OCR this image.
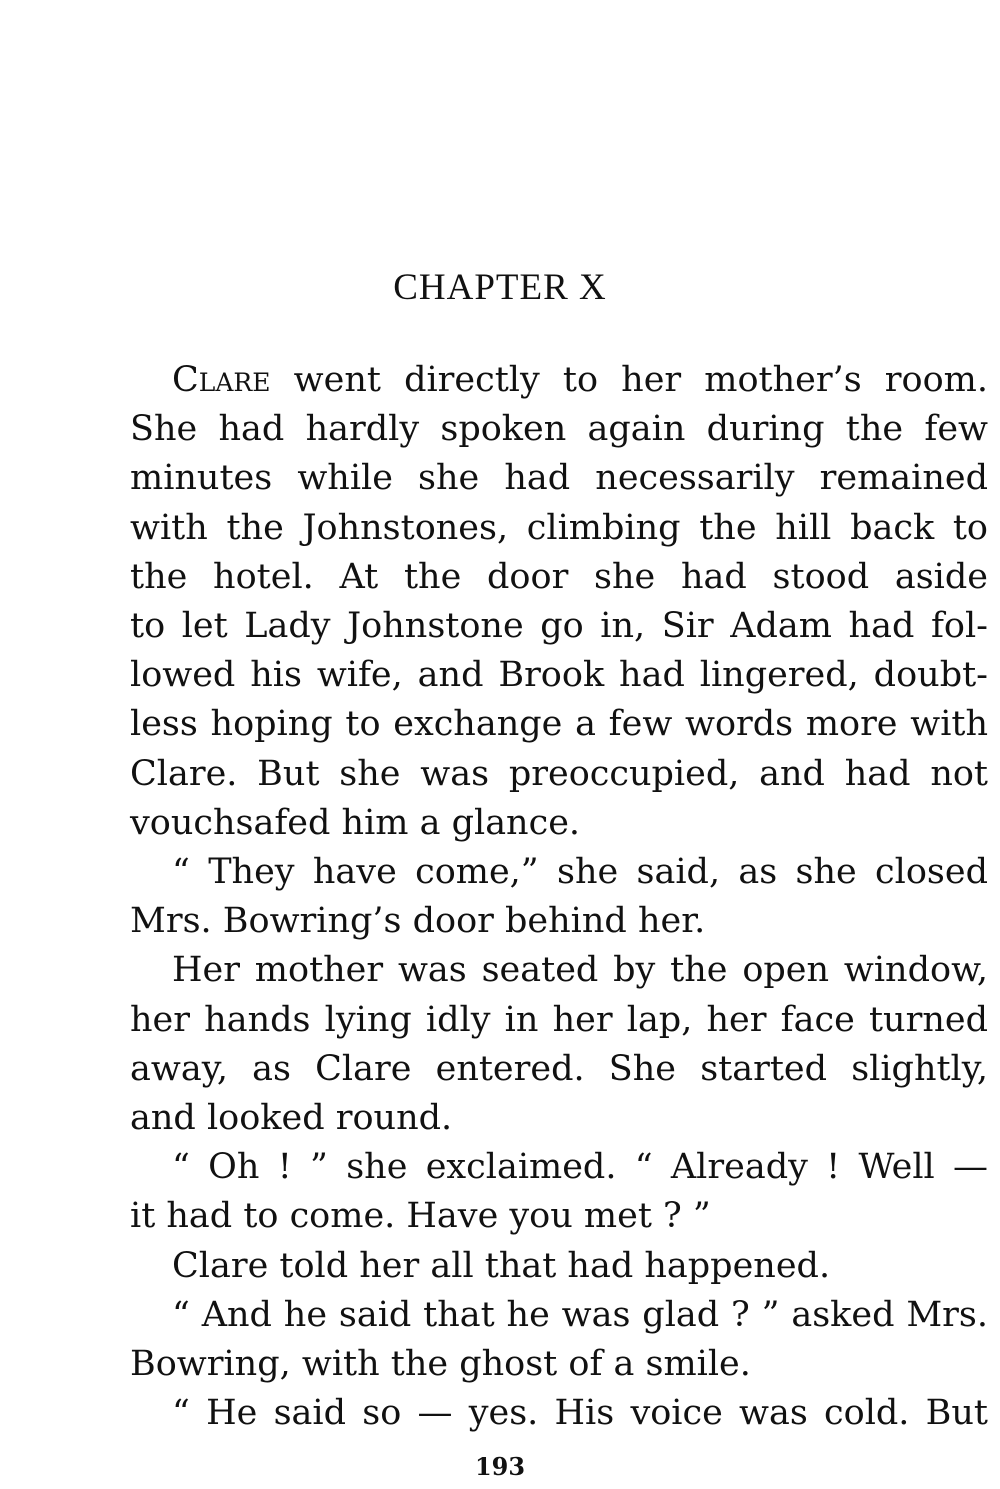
CHAPTER X
Clare went directly to her mother’s room.
She had hardly spoken again during the few
minutes while she had necessarily remained
with the Johnstones, climbing the hill back to
the hotel. At the door she had stood aside
to let Lady Johnstone go in, Sir Adam had fol-
lowed his wife, and Brook had lingered, doubt-
less hoping to exchange a few words more with
Clare. But she was preoccupied, and had not
vouchsafed him a glance.
“ They have come,” she said, as she closed
Mrs. Bowring’s door behind her.
Her mother was seated by the open window,
her hands lying idly in her lap, her face turned
away, as Clare entered. She started slightly,
and looked round.
“ Oh ! ” she exclaimed. “ Already ! Well —
it had to come. Have you met ? ”
Clare told her all that had happened.
“ And he said that he was glad ? ” asked Mrs.
Bowring, with the ghost of a smile.
“ He said so — yes. His voice was cold. But
193
